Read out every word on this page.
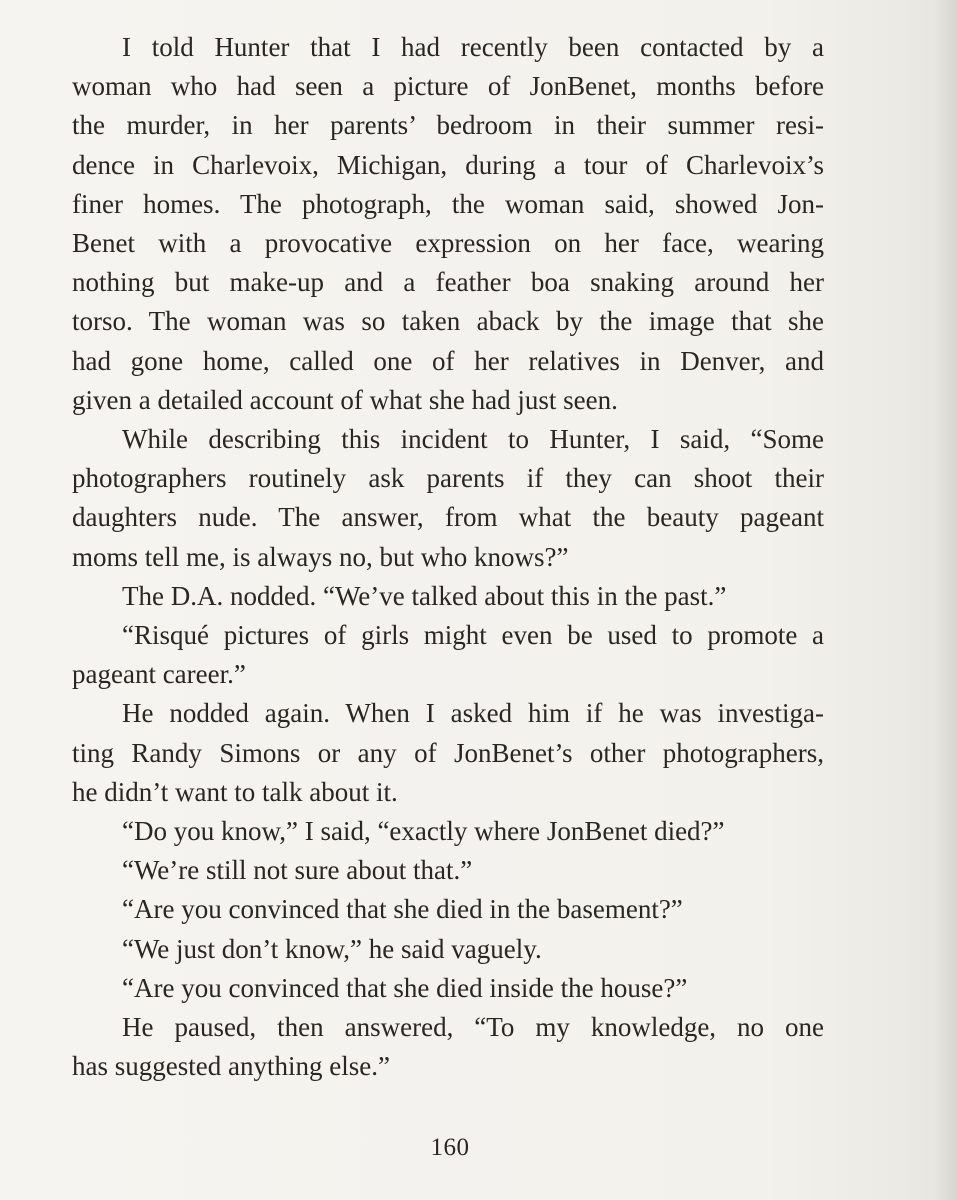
I told Hunter that I had recently been contacted by a
woman who had seen a picture of JonBenet, months before
the murder, in her parents’ bedroom in their summer resi-
dence in Charlevoix, Michigan, during a tour of Charlevoix’s
finer homes. The photograph, the woman said, showed Jon-
Benet with a provocative expression on her face, wearing
nothing but make-up and a feather boa snaking around her
torso. The woman was so taken aback by the image that she
had gone home, called one of her relatives in Denver, and
given a detailed account of what she had just seen.

While describing this incident to Hunter, I said, “Some
photographers routinely ask parents if they can shoot their
daughters nude. The answer, from what the beauty pageant
moms tell me, is always no, but who knows?”

The D.A. nodded. “We’ve talked about this in the past.”

“Risqué pictures of girls might even be used to promote a
pageant career.”

He nodded again. When I asked him if he was investiga-
ting Randy Simons or any of JonBenet’s other photographers,
he didn’t want to talk about it.

“Do you know,” I said, “exactly where JonBenet died?”

“We’re still not sure about that.”

“Are you convinced that she died in the basement?”

“We just don’t know,” he said vaguely.

“Are you convinced that she died inside the house?”

He paused, then answered, “To my knowledge, no one
has suggested anything else.”

160
